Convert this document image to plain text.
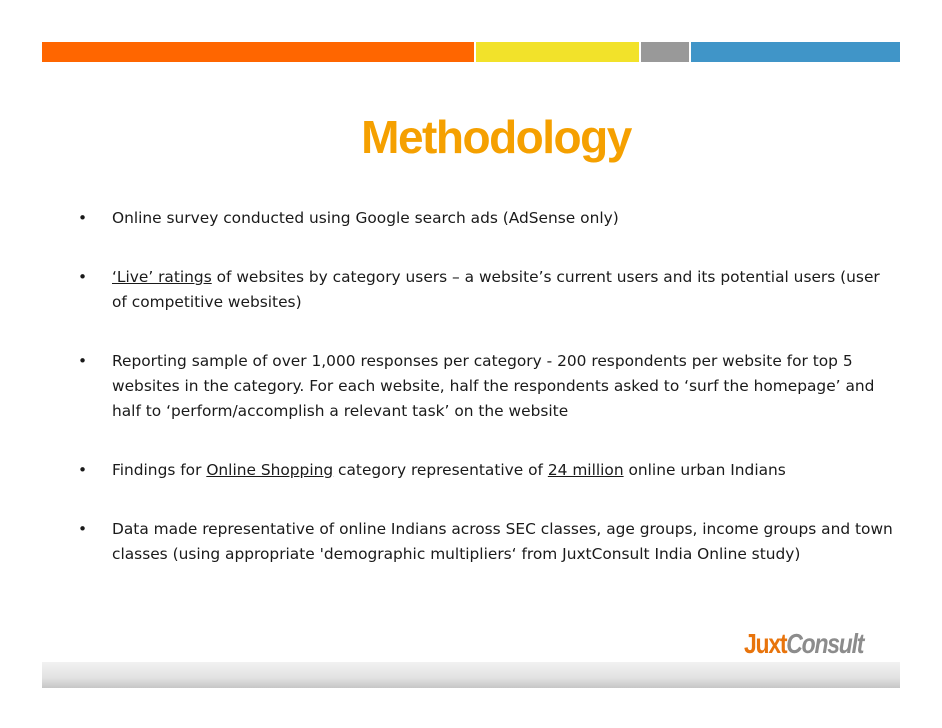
Methodology
• Online survey conducted using Google search ads (AdSense only)
• ‘Live’ ratings of websites by category users – a website’s current users and its potential users (user of competitive websites)
• Reporting sample of over 1,000 responses per category - 200 respondents per website for top 5 websites in the category. For each website, half the respondents asked to ‘surf the homepage’ and half to ‘perform/accomplish a relevant task’ on the website
• Findings for Online Shopping category representative of 24 million online urban Indians
• Data made representative of online Indians across SEC classes, age groups, income groups and town classes (using appropriate 'demographic multipliers‘ from JuxtConsult India Online study)
JuxtConsult
